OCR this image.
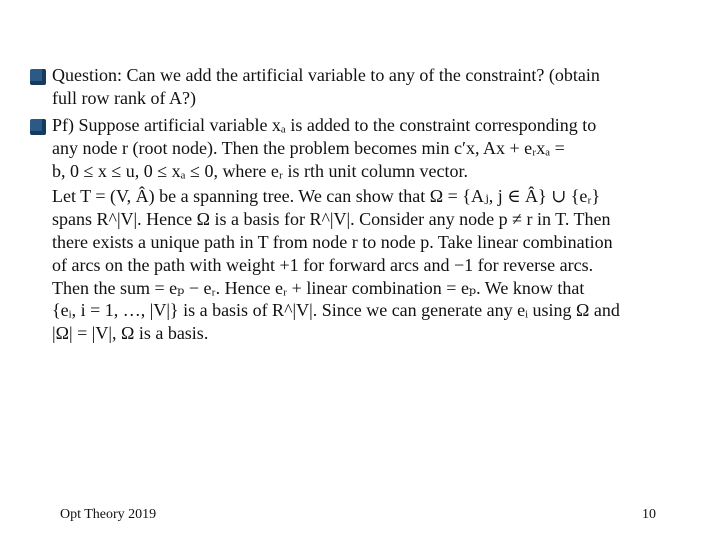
Question: Can we add the artificial variable to any of the constraint? (obtain
full row rank of A?)
Pf) Suppose artificial variable xₐ is added to the constraint corresponding to
any node r (root node). Then the problem becomes min c′x, Ax + eᵣxₐ =
b, 0 ≤ x ≤ u, 0 ≤ xₐ ≤ 0, where eᵣ is rth unit column vector.
Let T = (V, Â) be a spanning tree. We can show that Ω = {Aⱼ, j ∈ Â} ∪ {eᵣ}
spans R^|V|. Hence Ω is a basis for R^|V|. Consider any node p ≠ r in T. Then
there exists a unique path in T from node r to node p. Take linear combination
of arcs on the path with weight +1 for forward arcs and −1 for reverse arcs.
Then the sum = eₚ − eᵣ. Hence eᵣ + linear combination = eₚ. We know that
{eᵢ, i = 1, …, |V|} is a basis of R^|V|. Since we can generate any eᵢ using Ω and
|Ω| = |V|, Ω is a basis.
Opt Theory 2019	10
